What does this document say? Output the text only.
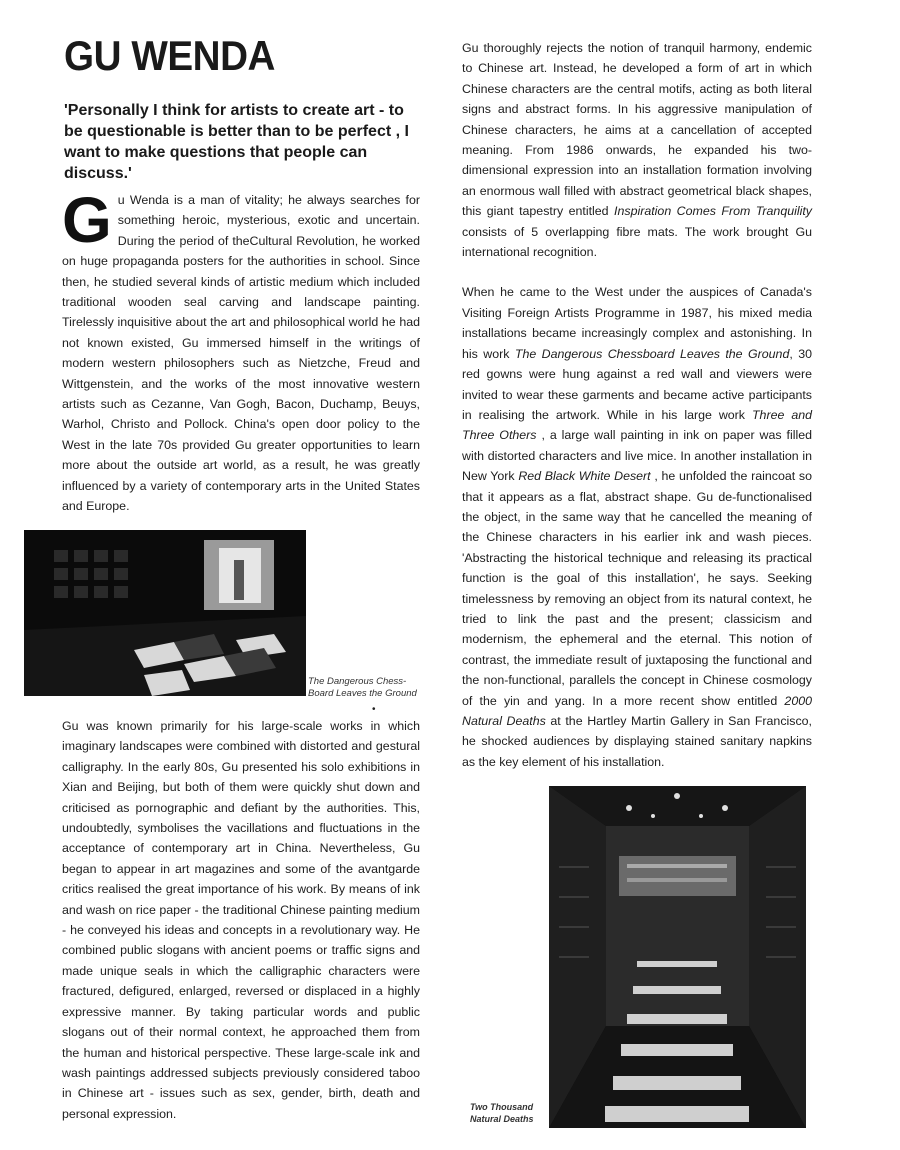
GU WENDA

'Personally I think for artists to create art - to be questionable is better than to be perfect , I want to make questions that people can discuss.'

Gu Wenda is a man of vitality; he always searches for something heroic, mysterious, exotic and uncertain. During the period of theCultural Revolution, he worked on huge propaganda posters for the authorities in school. Since then, he studied several kinds of artistic medium which included traditional wooden seal carving and landscape painting. Tirelessly inquisitive about the art and philosophical world he had not known existed, Gu immersed himself in the writings of modern western philosophers such as Nietzche, Freud and Wittgenstein, and the works of the most innovative western artists such as Cezanne, Van Gogh, Bacon, Duchamp, Beuys, Warhol, Christo and Pollock. China's open door policy to the West in the late 70s provided Gu greater opportunities to learn more about the outside art world, as a result, he was greatly influenced by a variety of contemporary arts in the United States and Europe.

The Dangerous Chess-Board Leaves the Ground
•

Gu was known primarily for his large-scale works in which imaginary landscapes were combined with distorted and gestural calligraphy. In the early 80s, Gu presented his solo exhibitions in Xian and Beijing, but both of them were quickly shut down and criticised as pornographic and defiant by the authorities. This, undoubtedly, symbolises the vacillations and fluctuations in the acceptance of contemporary art in China. Nevertheless, Gu began to appear in art magazines and some of the avantgarde critics realised the great importance of his work. By means of ink and wash on rice paper - the traditional Chinese painting medium - he conveyed his ideas and concepts in a revolutionary way. He combined public slogans with ancient poems or traffic signs and made unique seals in which the calligraphic characters were fractured, defigured, enlarged, reversed or displaced in a highly expressive manner. By taking particular words and public slogans out of their normal context, he approached them from the human and historical perspective. These large-scale ink and wash paintings addressed subjects previously considered taboo in Chinese art - issues such as sex, gender, birth, death and personal expression.

Gu thoroughly rejects the notion of tranquil harmony, endemic to Chinese art. Instead, he developed a form of art in which Chinese characters are the central motifs, acting as both literal signs and abstract forms. In his aggressive manipulation of Chinese characters, he aims at a cancellation of accepted meaning. From 1986 onwards, he expanded his two-dimensional expression into an installation formation involving an enormous wall filled with abstract geometrical black shapes, this giant tapestry entitled Inspiration Comes From Tranquility consists of 5 overlapping fibre mats. The work brought Gu international recognition.

When he came to the West under the auspices of Canada's Visiting Foreign Artists Programme in 1987, his mixed media installations became increasingly complex and astonishing. In his work The Dangerous Chessboard Leaves the Ground, 30 red gowns were hung against a red wall and viewers were invited to wear these garments and became active participants in realising the artwork. While in his large work Three and Three Others , a large wall painting in ink on paper was filled with distorted characters and live mice. In another installation in New York Red Black White Desert , he unfolded the raincoat so that it appears as a flat, abstract shape. Gu de-functionalised the object, in the same way that he cancelled the meaning of the Chinese characters in his earlier ink and wash pieces. 'Abstracting the historical technique and releasing its practical function is the goal of this installation', he says. Seeking timelessness by removing an object from its natural context, he tried to link the past and the present; classicism and modernism, the ephemeral and the eternal. This notion of contrast, the immediate result of juxtaposing the functional and the non-functional, parallels the concept in Chinese cosmology of the yin and yang. In a more recent show entitled 2000 Natural Deaths at the Hartley Martin Gallery in San Francisco, he shocked audiences by displaying stained sanitary napkins as the key element of his installation.

Two Thousand
Natural Deaths
